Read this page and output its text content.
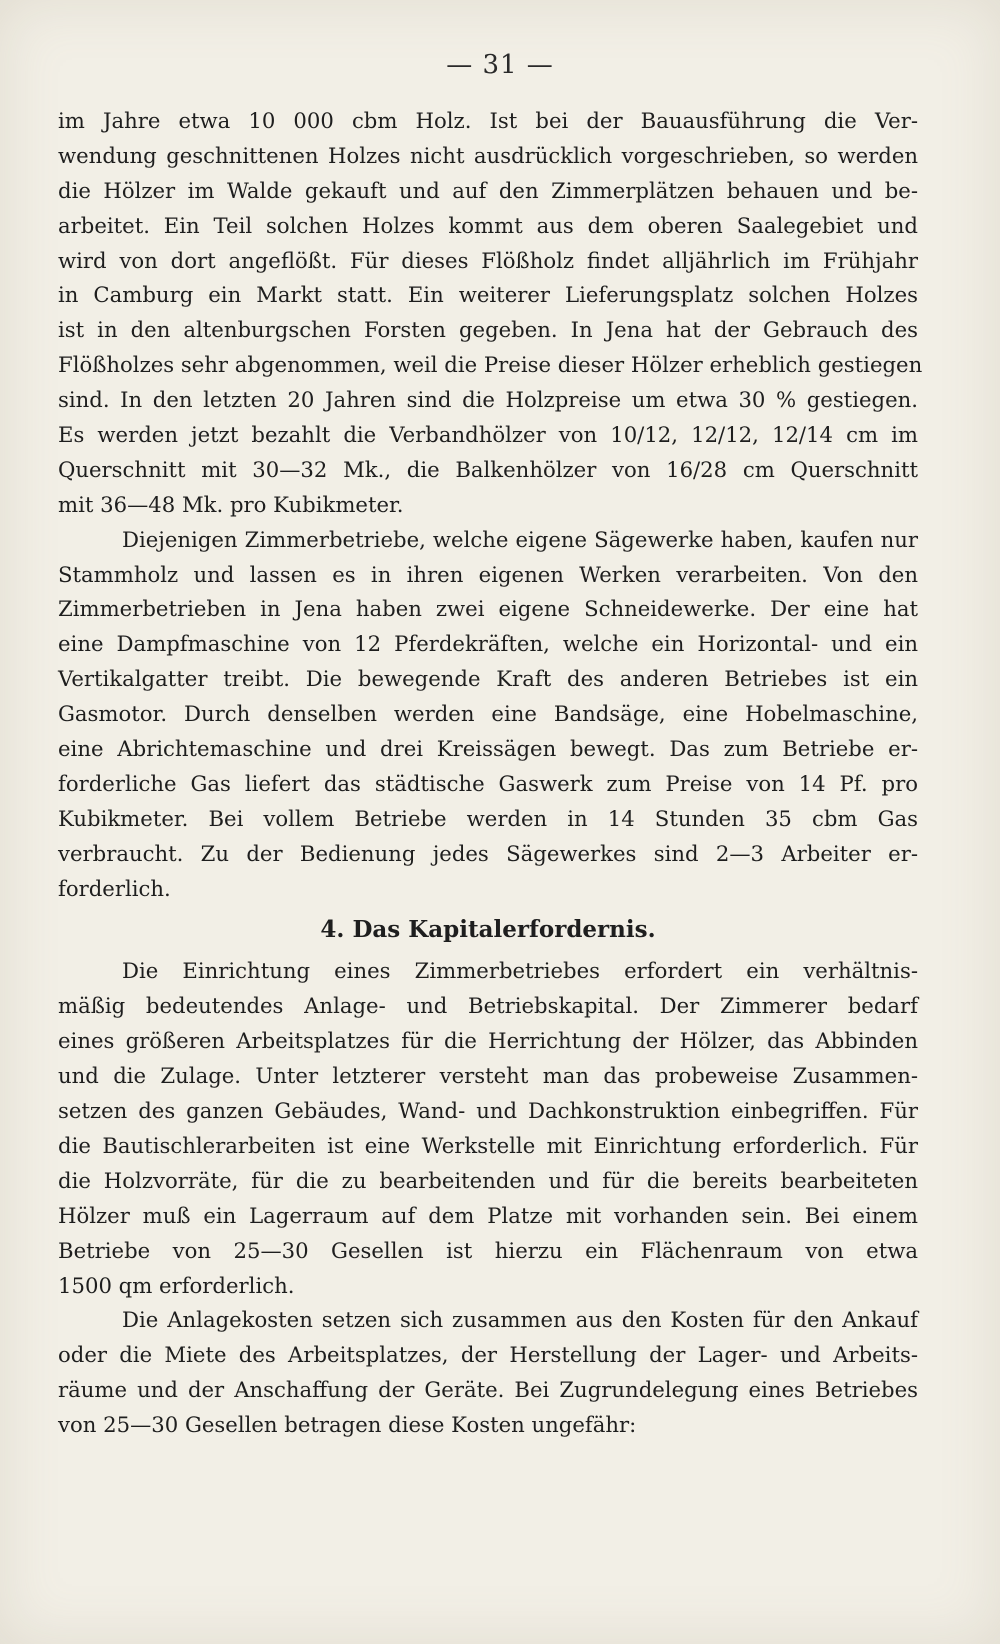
— 31 —
im Jahre etwa 10 000 cbm Holz. Ist bei der Bauausführung die Ver-
wendung geschnittenen Holzes nicht ausdrücklich vorgeschrieben, so werden
die Hölzer im Walde gekauft und auf den Zimmerplätzen behauen und be-
arbeitet. Ein Teil solchen Holzes kommt aus dem oberen Saalegebiet und
wird von dort angeflößt. Für dieses Flößholz findet alljährlich im Frühjahr
in Camburg ein Markt statt. Ein weiterer Lieferungsplatz solchen Holzes
ist in den altenburgschen Forsten gegeben. In Jena hat der Gebrauch des
Flößholzes sehr abgenommen, weil die Preise dieser Hölzer erheblich gestiegen
sind. In den letzten 20 Jahren sind die Holzpreise um etwa 30 % gestiegen.
Es werden jetzt bezahlt die Verbandhölzer von 10/12, 12/12, 12/14 cm im
Querschnitt mit 30—32 Mk., die Balkenhölzer von 16/28 cm Querschnitt
mit 36—48 Mk. pro Kubikmeter.
Diejenigen Zimmerbetriebe, welche eigene Sägewerke haben, kaufen nur
Stammholz und lassen es in ihren eigenen Werken verarbeiten. Von den
Zimmerbetrieben in Jena haben zwei eigene Schneidewerke. Der eine hat
eine Dampfmaschine von 12 Pferdekräften, welche ein Horizontal- und ein
Vertikalgatter treibt. Die bewegende Kraft des anderen Betriebes ist ein
Gasmotor. Durch denselben werden eine Bandsäge, eine Hobelmaschine,
eine Abrichtemaschine und drei Kreissägen bewegt. Das zum Betriebe er-
forderliche Gas liefert das städtische Gaswerk zum Preise von 14 Pf. pro
Kubikmeter. Bei vollem Betriebe werden in 14 Stunden 35 cbm Gas
verbraucht. Zu der Bedienung jedes Sägewerkes sind 2—3 Arbeiter er-
forderlich.
4. Das Kapitalerfordernis.
Die Einrichtung eines Zimmerbetriebes erfordert ein verhältnis-
mäßig bedeutendes Anlage- und Betriebskapital. Der Zimmerer bedarf
eines größeren Arbeitsplatzes für die Herrichtung der Hölzer, das Abbinden
und die Zulage. Unter letzterer versteht man das probeweise Zusammen-
setzen des ganzen Gebäudes, Wand- und Dachkonstruktion einbegriffen. Für
die Bautischlerarbeiten ist eine Werkstelle mit Einrichtung erforderlich. Für
die Holzvorräte, für die zu bearbeitenden und für die bereits bearbeiteten
Hölzer muß ein Lagerraum auf dem Platze mit vorhanden sein. Bei einem
Betriebe von 25—30 Gesellen ist hierzu ein Flächenraum von etwa
1500 qm erforderlich.
Die Anlagekosten setzen sich zusammen aus den Kosten für den Ankauf
oder die Miete des Arbeitsplatzes, der Herstellung der Lager- und Arbeits-
räume und der Anschaffung der Geräte. Bei Zugrundelegung eines Betriebes
von 25—30 Gesellen betragen diese Kosten ungefähr:
